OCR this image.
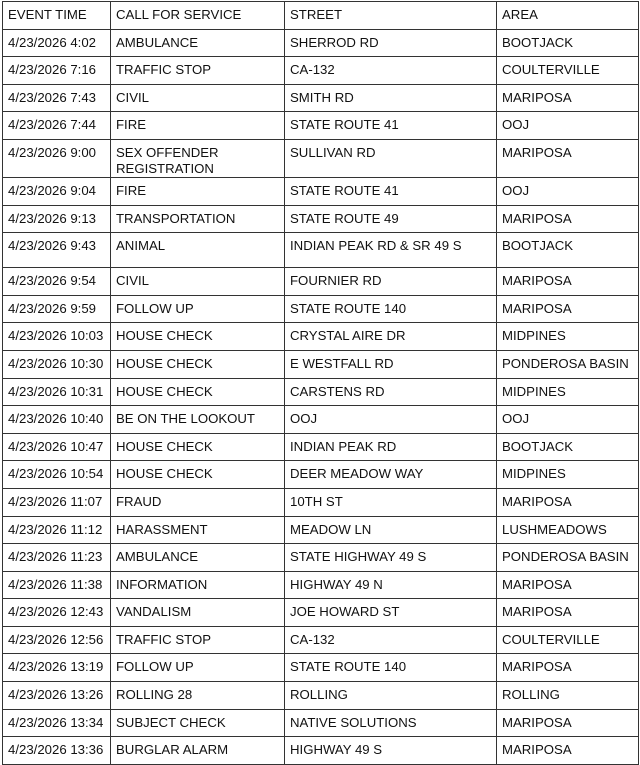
EVENT TIME	CALL FOR SERVICE	STREET	AREA
4/23/2026 4:02	AMBULANCE	SHERROD RD	BOOTJACK
4/23/2026 7:16	TRAFFIC STOP	CA-132	COULTERVILLE
4/23/2026 7:43	CIVIL	SMITH RD	MARIPOSA
4/23/2026 7:44	FIRE	STATE ROUTE 41	OOJ
4/23/2026 9:00	SEX OFFENDER REGISTRATION	SULLIVAN RD	MARIPOSA
4/23/2026 9:04	FIRE	STATE ROUTE 41	OOJ
4/23/2026 9:13	TRANSPORTATION	STATE ROUTE 49	MARIPOSA
4/23/2026 9:43	ANIMAL	INDIAN PEAK RD & SR 49 S	BOOTJACK
4/23/2026 9:54	CIVIL	FOURNIER RD	MARIPOSA
4/23/2026 9:59	FOLLOW UP	STATE ROUTE 140	MARIPOSA
4/23/2026 10:03	HOUSE CHECK	CRYSTAL AIRE DR	MIDPINES
4/23/2026 10:30	HOUSE CHECK	E WESTFALL RD	PONDEROSA BASIN
4/23/2026 10:31	HOUSE CHECK	CARSTENS RD	MIDPINES
4/23/2026 10:40	BE ON THE LOOKOUT	OOJ	OOJ
4/23/2026 10:47	HOUSE CHECK	INDIAN PEAK RD	BOOTJACK
4/23/2026 10:54	HOUSE CHECK	DEER MEADOW WAY	MIDPINES
4/23/2026 11:07	FRAUD	10TH ST	MARIPOSA
4/23/2026 11:12	HARASSMENT	MEADOW LN	LUSHMEADOWS
4/23/2026 11:23	AMBULANCE	STATE HIGHWAY 49 S	PONDEROSA BASIN
4/23/2026 11:38	INFORMATION	HIGHWAY 49 N	MARIPOSA
4/23/2026 12:43	VANDALISM	JOE HOWARD ST	MARIPOSA
4/23/2026 12:56	TRAFFIC STOP	CA-132	COULTERVILLE
4/23/2026 13:19	FOLLOW UP	STATE ROUTE 140	MARIPOSA
4/23/2026 13:26	ROLLING 28	ROLLING	ROLLING
4/23/2026 13:34	SUBJECT CHECK	NATIVE SOLUTIONS	MARIPOSA
4/23/2026 13:36	BURGLAR ALARM	HIGHWAY 49 S	MARIPOSA
